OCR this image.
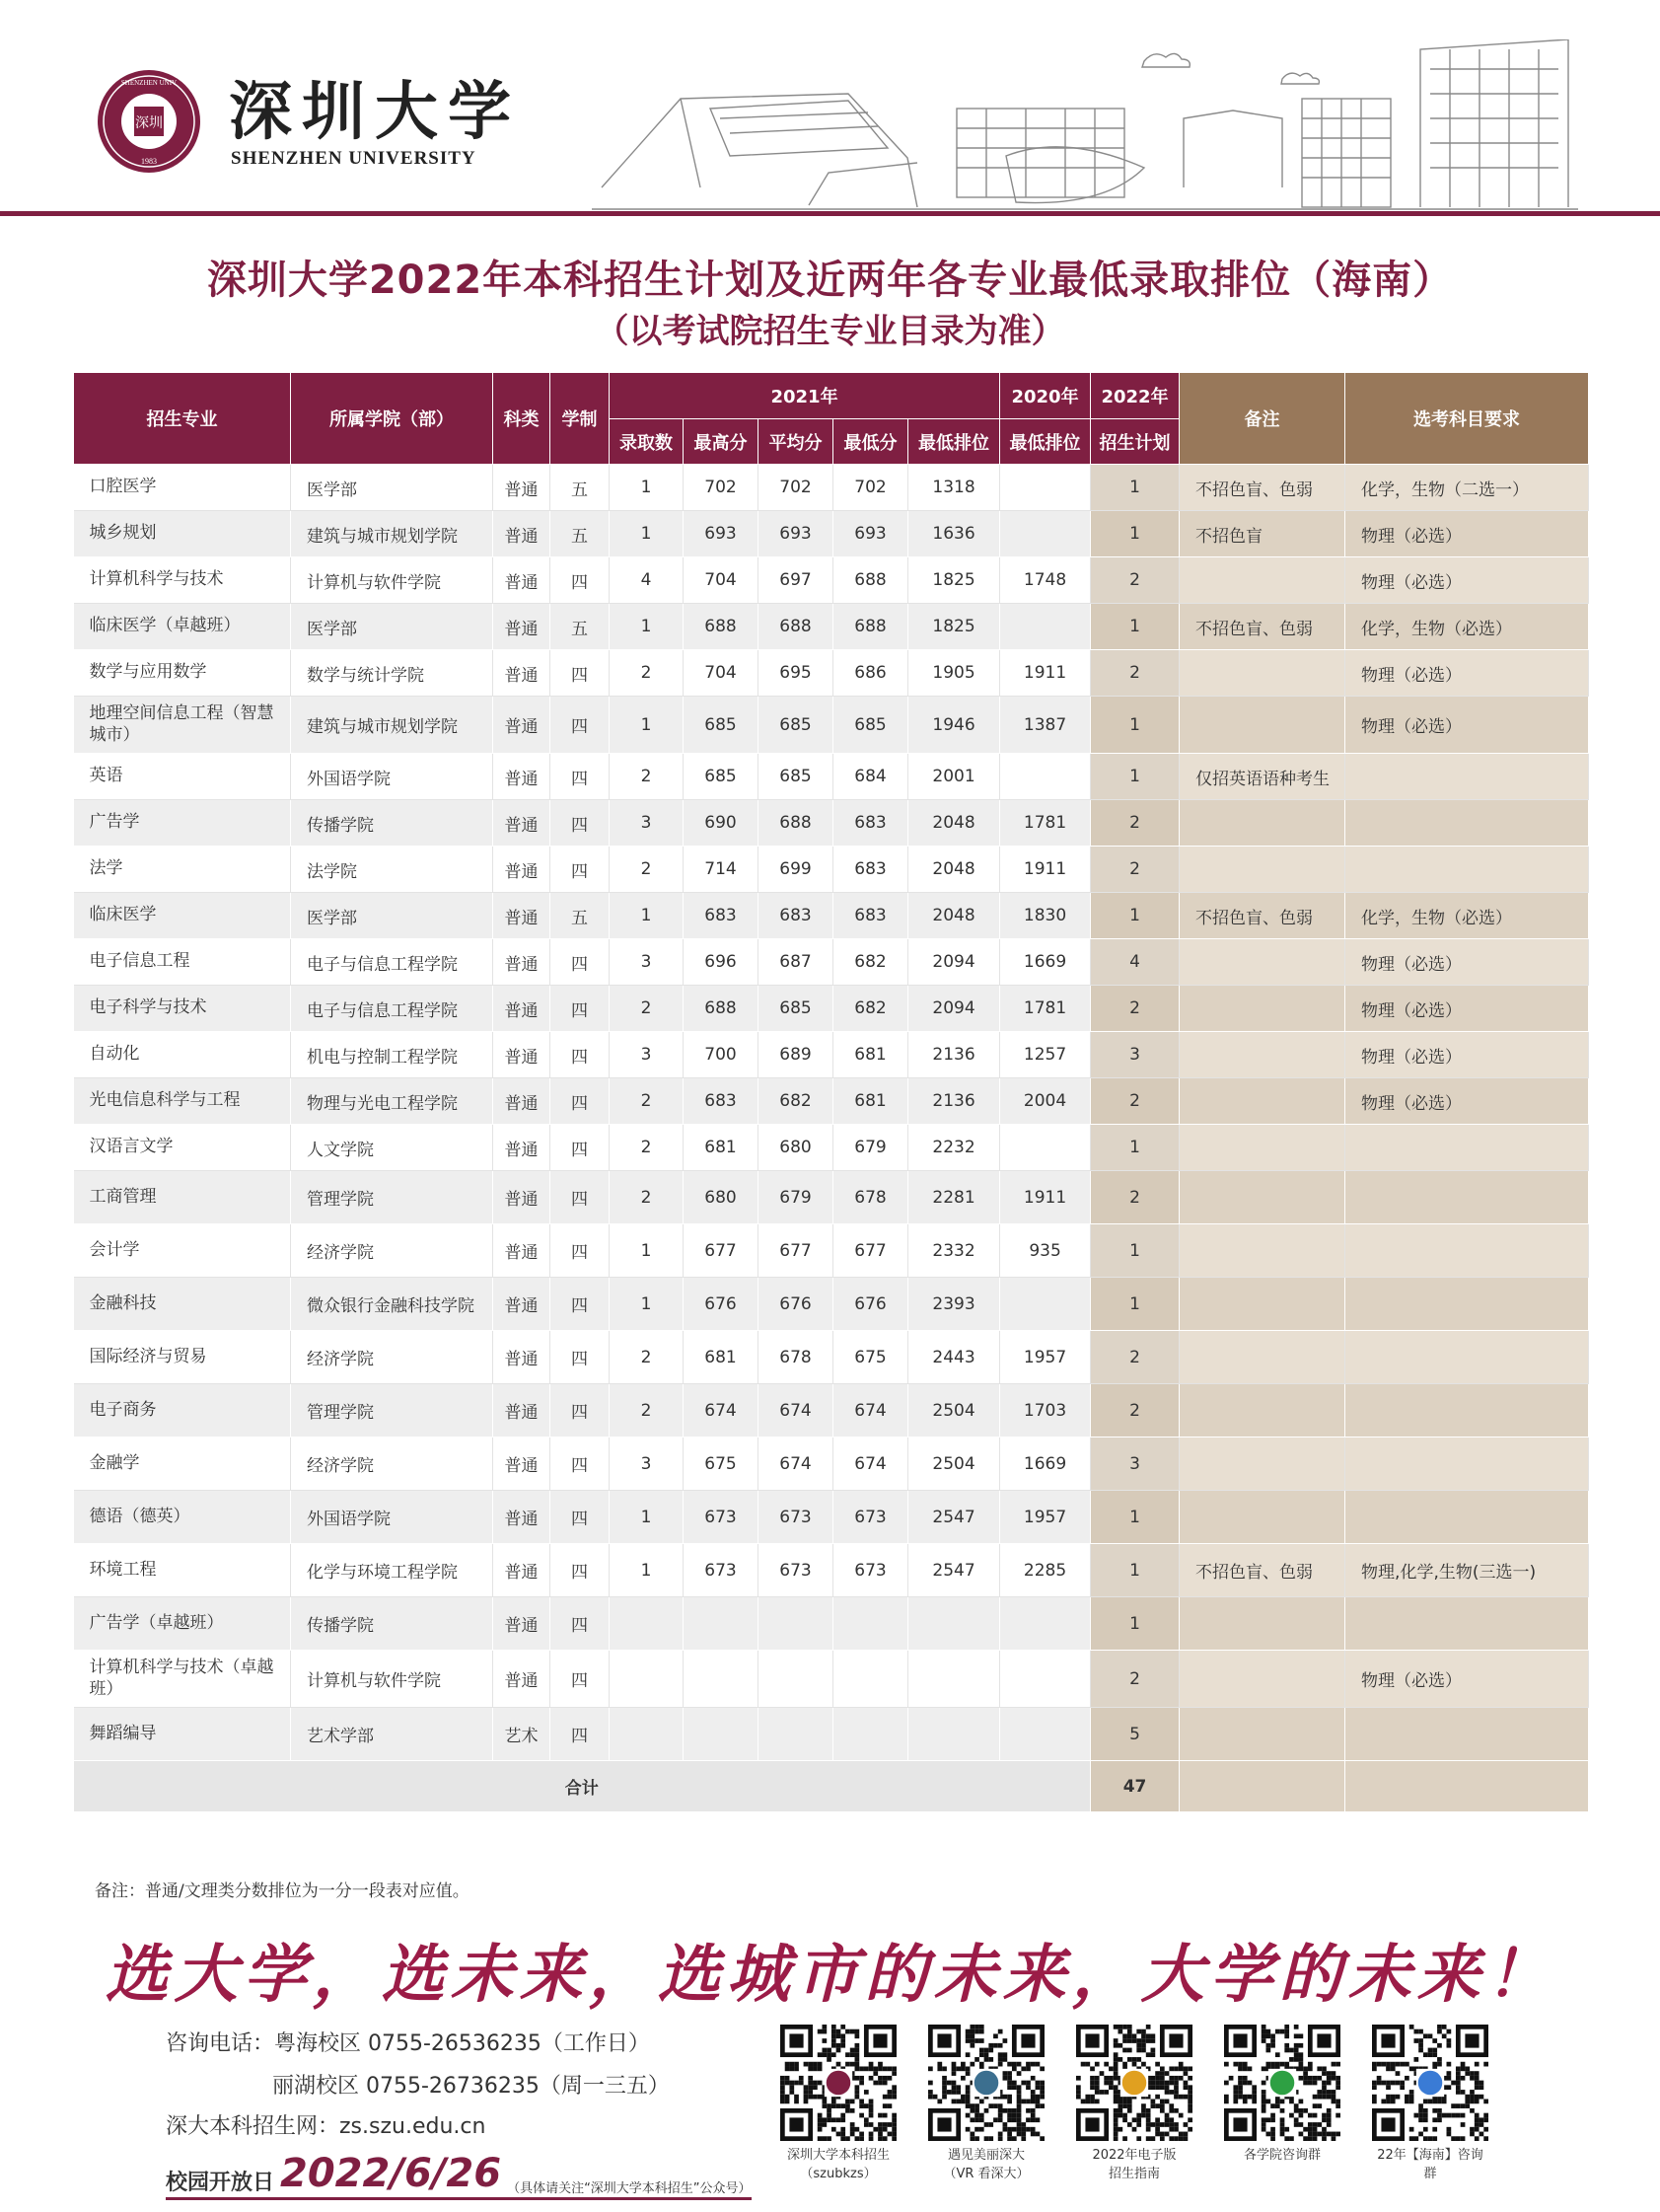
深圳
1983
SHENZHEN UNIV 深圳大学
SHENZHEN UNIVERSITY
深圳大学2022年本科招生计划及近两年各专业最低录取排位（海南）
（以考试院招生专业目录为准）
招生专业	所属学院（部）	科类	学制	2021年					2020年	2022年	备注	选考科目要求
				录取数	最高分	平均分	最低分	最低排位	最低排位	招生计划		
口腔医学	医学部	普通	五	1	702	702	702	1318		1	不招色盲、色弱	化学，生物（二选一）
城乡规划	建筑与城市规划学院	普通	五	1	693	693	693	1636		1	不招色盲	物理（必选）
计算机科学与技术	计算机与软件学院	普通	四	4	704	697	688	1825	1748	2		物理（必选）
临床医学（卓越班）	医学部	普通	五	1	688	688	688	1825		1	不招色盲、色弱	化学，生物（必选）
数学与应用数学	数学与统计学院	普通	四	2	704	695	686	1905	1911	2		物理（必选）
地理空间信息工程（智慧城市）	建筑与城市规划学院	普通	四	1	685	685	685	1946	1387	1		物理（必选）
英语	外国语学院	普通	四	2	685	685	684	2001		1	仅招英语语种考生	
广告学	传播学院	普通	四	3	690	688	683	2048	1781	2		
法学	法学院	普通	四	2	714	699	683	2048	1911	2		
临床医学	医学部	普通	五	1	683	683	683	2048	1830	1	不招色盲、色弱	化学，生物（必选）
电子信息工程	电子与信息工程学院	普通	四	3	696	687	682	2094	1669	4		物理（必选）
电子科学与技术	电子与信息工程学院	普通	四	2	688	685	682	2094	1781	2		物理（必选）
自动化	机电与控制工程学院	普通	四	3	700	689	681	2136	1257	3		物理（必选）
光电信息科学与工程	物理与光电工程学院	普通	四	2	683	682	681	2136	2004	2		物理（必选）
汉语言文学	人文学院	普通	四	2	681	680	679	2232		1		
工商管理	管理学院	普通	四	2	680	679	678	2281	1911	2		
会计学	经济学院	普通	四	1	677	677	677	2332	935	1		
金融科技	微众银行金融科技学院	普通	四	1	676	676	676	2393		1		
国际经济与贸易	经济学院	普通	四	2	681	678	675	2443	1957	2		
电子商务	管理学院	普通	四	2	674	674	674	2504	1703	2		
金融学	经济学院	普通	四	3	675	674	674	2504	1669	3		
德语（德英）	外国语学院	普通	四	1	673	673	673	2547	1957	1		
环境工程	化学与环境工程学院	普通	四	1	673	673	673	2547	2285	1	不招色盲、色弱	物理,化学,生物(三选一)
广告学（卓越班）	传播学院	普通	四							1		
计算机科学与技术（卓越班）	计算机与软件学院	普通	四							2		物理（必选）
舞蹈编导	艺术学部	艺术	四							5		
合计										47		
备注：普通/文理类分数排位为一分一段表对应值。
选大学，选未来，选城市的未来，大学的未来！
咨询电话：粤海校区 0755-26536235（工作日）
丽湖校区 0755-26736235（周一三五）
深大本科招生网：zs.szu.edu.cn
校园开放日 2022/6/26 （具体请关注“深圳大学本科招生”公众号）
深圳大学本科招生
（szubkzs）
遇见美丽深大
（VR 看深大）
2022年电子版
招生指南
各学院咨询群	22年【海南】咨询群
